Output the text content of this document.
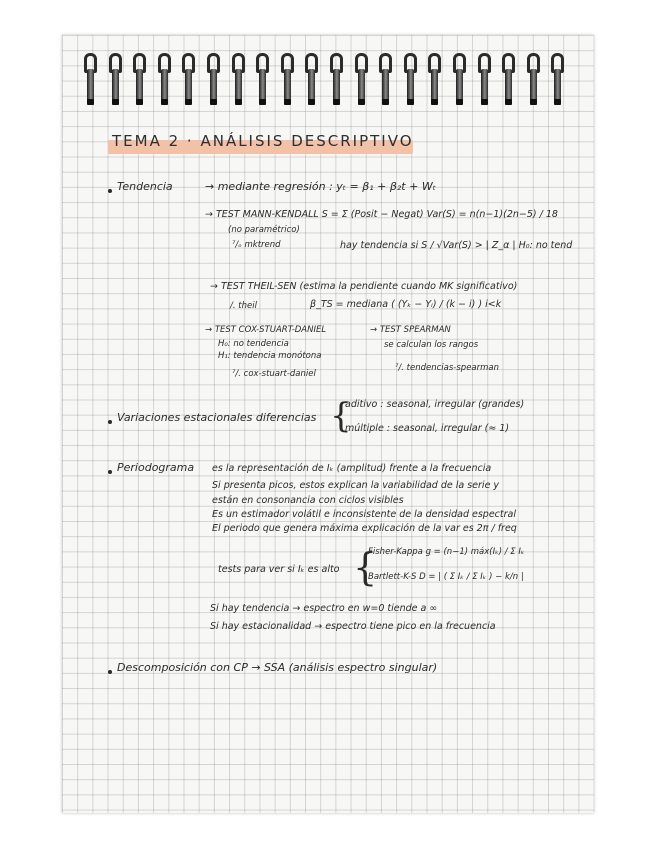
TEMA 2 · ANÁLISIS DESCRIPTIVO
Tendencia	→ mediante regresión : yₜ = β₁ + β₂t + Wₜ
→ TEST MANN-KENDALL S = Σ (Posit − Negat) Var(S) = n(n−1)(2n−5) / 18
(no paramétrico)
⁷/ₒ mktrend	hay tendencia si S / √Var(S) > | Z_α | H₀: no tend
→ TEST THEIL-SEN (estima la pendiente cuando MK significativo)
/. theil	β_TS = mediana ( (Yₖ − Yᵢ) / (k − i) ) i<k
→ TEST COX-STUART-DANIEL
H₀: no tendencia
H₁: tendencia monótona
⁷/. cox-stuart-daniel
→ TEST SPEARMAN
se calculan los rangos
⁷/. tendencias-spearman
Variaciones estacionales diferencias {
aditivo : seasonal, irregular (grandes)
múltiple : seasonal, irregular (≈ 1)
Periodograma es la representación de Iₖ (amplitud) frente a la frecuencia
Si presenta picos, estos explican la variabilidad de la serie y
están en consonancia con ciclos visibles
Es un estimador volátil e inconsistente de la densidad espectral
El periodo que genera máxima explicación de la var es 2π / freq
tests para ver si Iₖ es alto {
Fisher-Kappa g = (n−1) máx(Iₖ) / Σ Iₖ
Bartlett-K-S D = | ( Σ Iₖ / Σ Iₖ ) − k/n |
Si hay tendencia → espectro en w=0 tiende a ∞
Si hay estacionalidad → espectro tiene pico en la frecuencia
Descomposición con CP → SSA (análisis espectro singular)
